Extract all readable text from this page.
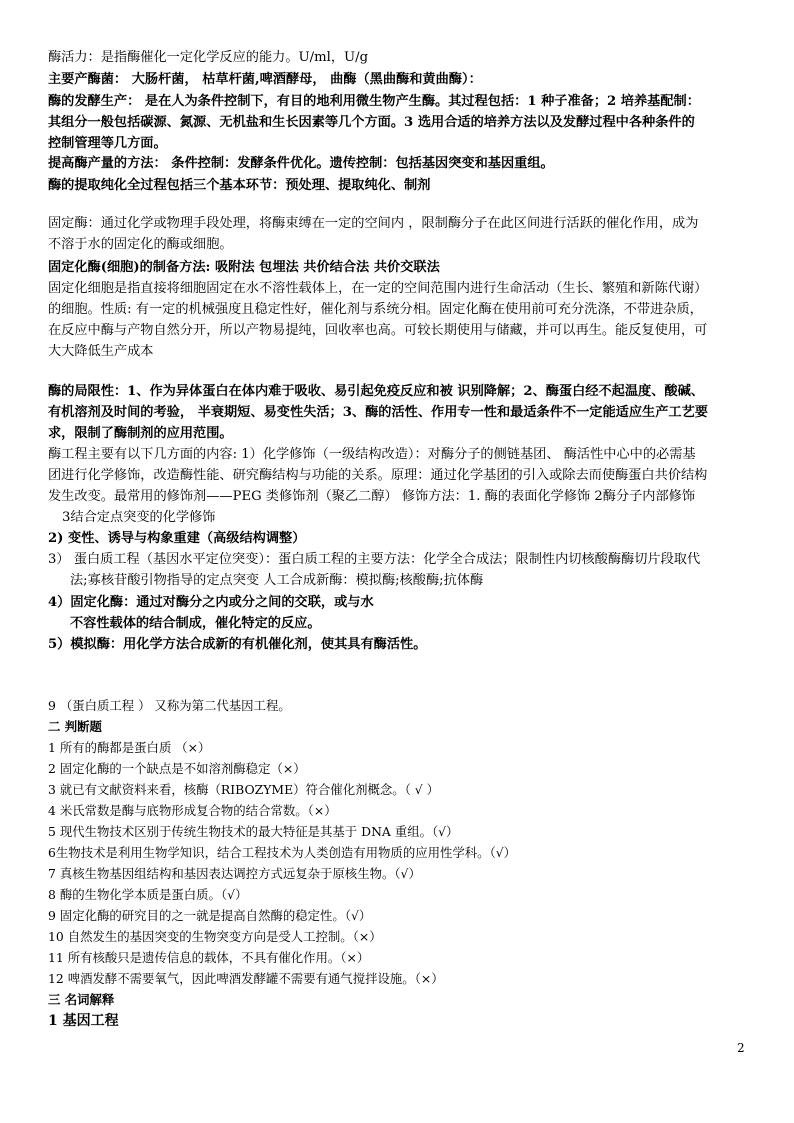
酶活力：是指酶催化一定化学反应的能力。U/ml，U/g
主要产酶菌： 大肠杆菌， 枯草杆菌,啤酒酵母， 曲酶（黑曲酶和黄曲酶）：
酶的发酵生产： 是在人为条件控制下，有目的地利用微生物产生酶。其过程包括：1 种子准备；2 培养基配制：
其组分一般包括碳源、氮源、无机盐和生长因素等几个方面。3 选用合适的培养方法以及发酵过程中各种条件的
控制管理等几方面。
提高酶产量的方法： 条件控制：发酵条件优化。遗传控制：包括基因突变和基因重组。
酶的提取纯化全过程包括三个基本环节：预处理、提取纯化、制剂
固定酶：通过化学或物理手段处理，将酶束缚在一定的空间内 ，限制酶分子在此区间进行活跃的催化作用，成为
不溶于水的固定化的酶或细胞。
固定化酶(细胞)的制备方法: 吸附法 包埋法 共价结合法 共价交联法
固定化细胞是指直接将细胞固定在水不溶性载体上，在一定的空间范围内进行生命活动（生长、繁殖和新陈代谢）
的细胞。性质: 有一定的机械强度且稳定性好，催化剂与系统分相。固定化酶在使用前可充分洗涤，不带进杂质，
在反应中酶与产物自然分开，所以产物易提纯，回收率也高。可较长期使用与储藏，并可以再生。能反复使用，可
大大降低生产成本
酶的局限性：1、作为异体蛋白在体内难于吸收、易引起免疫反应和被 识别降解；2、酶蛋白经不起温度、酸碱、
有机溶剂及时间的考验， 半衰期短、易变性失活；3、酶的活性、作用专一性和最适条件不一定能适应生产工艺要
求，限制了酶制剂的应用范围。
酶工程主要有以下几方面的内容: 1）化学修饰（一级结构改造）：对酶分子的侧链基团、 酶活性中心中的必需基
团进行化学修饰，改造酶性能、研究酶结构与功能的关系。原理：通过化学基团的引入或除去而使酶蛋白共价结构
发生改变。最常用的修饰剂——PEG 类修饰剂（聚乙二醇） 修饰方法：1. 酶的表面化学修饰 2酶分子内部修饰
3结合定点突变的化学修饰
2) 变性、诱导与构象重建（高级结构调整）
3） 蛋白质工程（基因水平定位突变）：蛋白质工程的主要方法：化学全合成法；限制性内切核酸酶酶切片段取代
法;寡核苷酸引物指导的定点突变 人工合成新酶：模拟酶;核酸酶;抗体酶
4）固定化酶：通过对酶分之内或分之间的交联，或与水
不容性载体的结合制成，催化特定的反应。
5）模拟酶：用化学方法合成新的有机催化剂，使其具有酶活性。
9 （蛋白质工程 ） 又称为第二代基因工程。
二 判断题
1 所有的酶都是蛋白质 （×）
2 固定化酶的一个缺点是不如溶剂酶稳定（×）
3 就已有文献资料来看，核酶（RIBOZYME）符合催化剂概念。（ √ ）
4 米氏常数是酶与底物形成复合物的结合常数。（×）
5 现代生物技术区别于传统生物技术的最大特征是其基于 DNA 重组。（√）
6生物技术是利用生物学知识，结合工程技术为人类创造有用物质的应用性学科。（√）
7 真核生物基因组结构和基因表达调控方式远复杂于原核生物。（√）
8 酶的生物化学本质是蛋白质。（√）
9 固定化酶的研究目的之一就是提高自然酶的稳定性。（√）
10 自然发生的基因突变的生物突变方向是受人工控制。（×）
11 所有核酸只是遗传信息的载体，不具有催化作用。（×）
12 啤酒发酵不需要氧气，因此啤酒发酵罐不需要有通气搅拌设施。（×）
三 名词解释
1 基因工程
2
